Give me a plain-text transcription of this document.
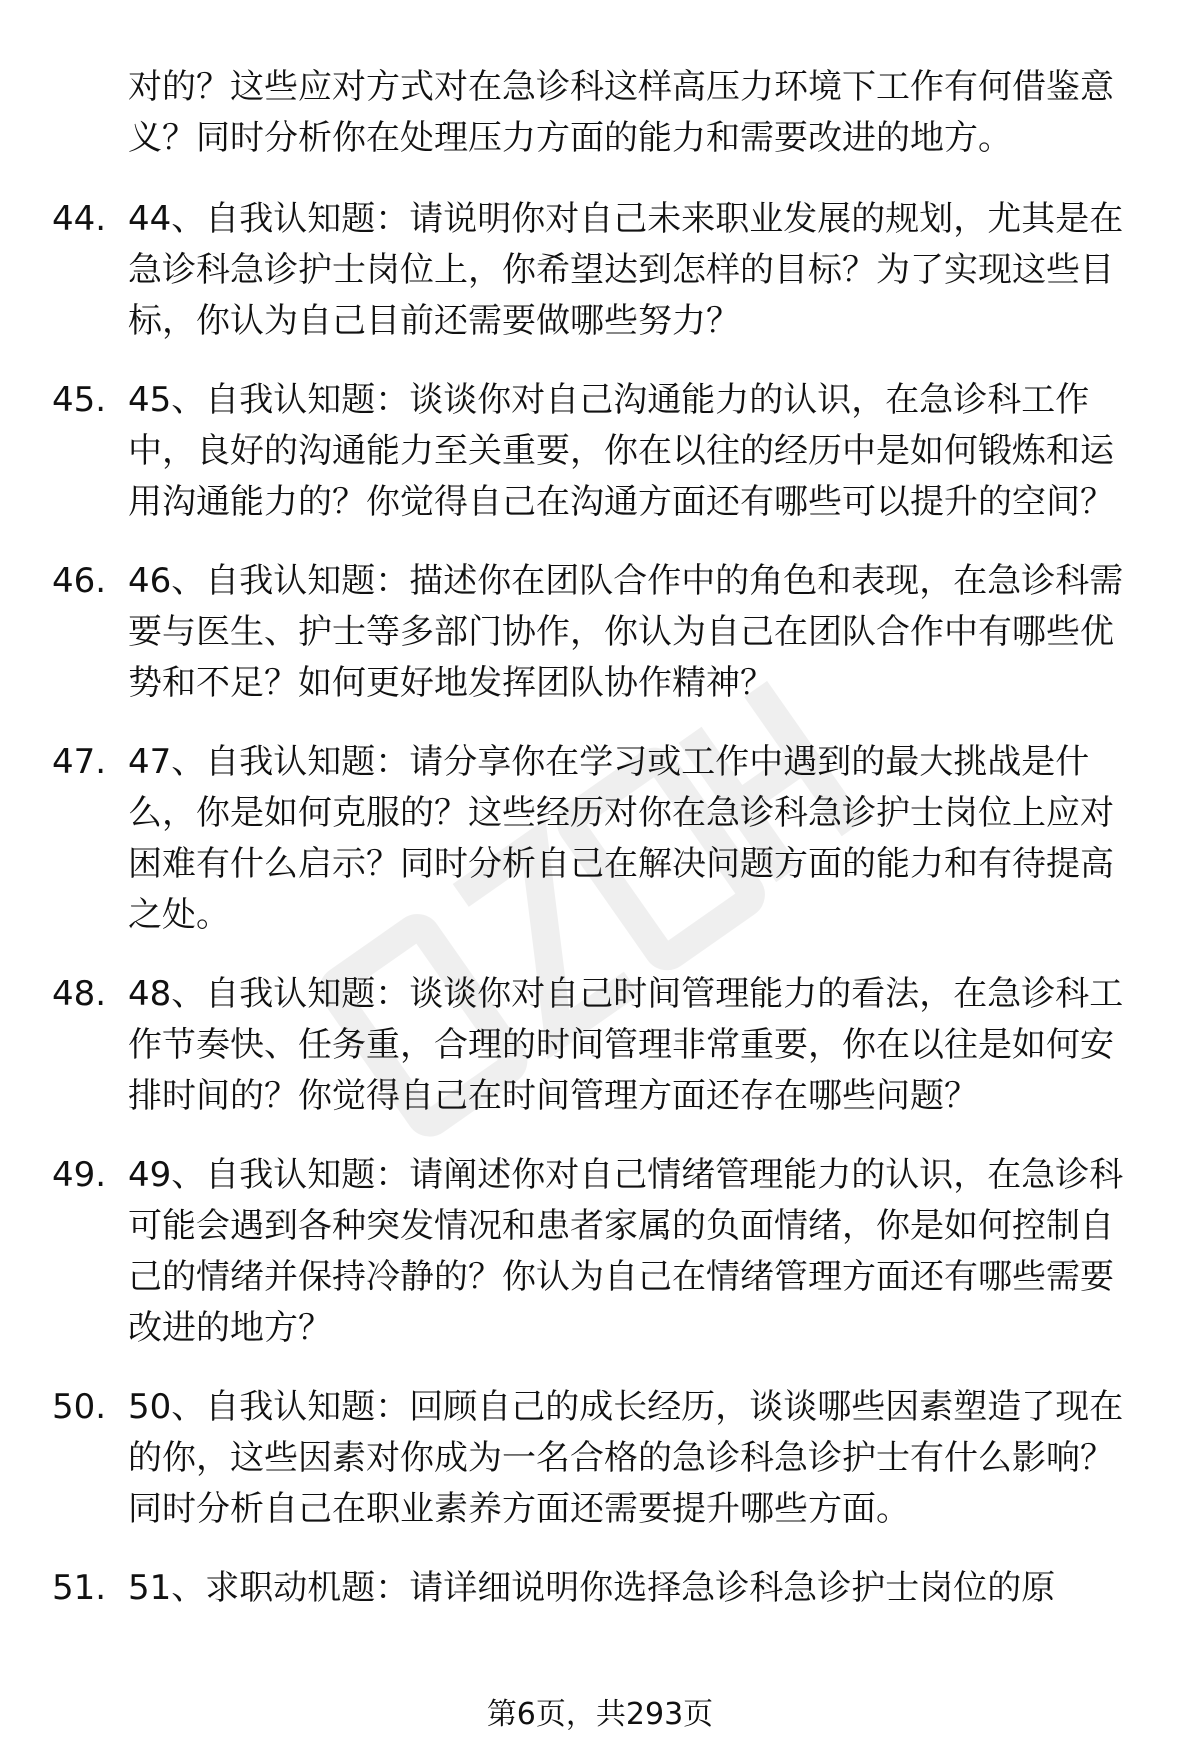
对的？这些应对方式对在急诊科这样高压力环境下工作有何借鉴意义？同时分析你在处理压力方面的能力和需要改进的地方。
44. 44、自我认知题：请说明你对自己未来职业发展的规划，尤其是在急诊科急诊护士岗位上，你希望达到怎样的目标？为了实现这些目标，你认为自己目前还需要做哪些努力？
45. 45、自我认知题：谈谈你对自己沟通能力的认识，在急诊科工作中，良好的沟通能力至关重要，你在以往的经历中是如何锻炼和运用沟通能力的？你觉得自己在沟通方面还有哪些可以提升的空间？
46. 46、自我认知题：描述你在团队合作中的角色和表现，在急诊科需要与医生、护士等多部门协作，你认为自己在团队合作中有哪些优势和不足？如何更好地发挥团队协作精神？
47. 47、自我认知题：请分享你在学习或工作中遇到的最大挑战是什么，你是如何克服的？这些经历对你在急诊科急诊护士岗位上应对困难有什么启示？同时分析自己在解决问题方面的能力和有待提高之处。
48. 48、自我认知题：谈谈你对自己时间管理能力的看法，在急诊科工作节奏快、任务重，合理的时间管理非常重要，你在以往是如何安排时间的？你觉得自己在时间管理方面还存在哪些问题？
49. 49、自我认知题：请阐述你对自己情绪管理能力的认识，在急诊科可能会遇到各种突发情况和患者家属的负面情绪，你是如何控制自己的情绪并保持冷静的？你认为自己在情绪管理方面还有哪些需要改进的地方？
50. 50、自我认知题：回顾自己的成长经历，谈谈哪些因素塑造了现在的你，这些因素对你成为一名合格的急诊科急诊护士有什么影响？同时分析自己在职业素养方面还需要提升哪些方面。
51. 51、求职动机题：请详细说明你选择急诊科急诊护士岗位的原
第6页，共293页
